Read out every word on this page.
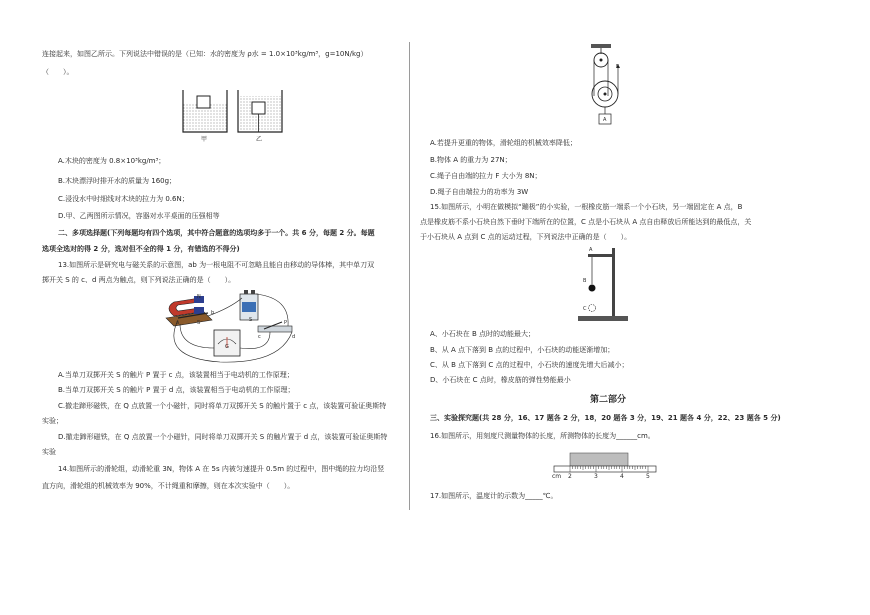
连接起来，如图乙所示。下列说法中错误的是（已知：水的密度为 ρ水 = 1.0×10³kg/m³，g=10N/kg）
（　　）。
甲	乙
A.木块的密度为 0.8×10³kg/m³；
B.木块漂浮时排开水的质量为 160g；
C.浸没水中时细线对木块的拉力为 0.6N；
D.甲、乙两图所示情况，容器对水平桌面的压强相等
二、多项选择题(下列每题均有四个选项，其中符合题意的选项均多于一个。共 6 分，每题 2 分。每题
选项全选对的得 2 分，选对但不全的得 1 分，有错选的不得分)
13.如图所示是研究电与磁关系的示意图，ab 为一根电阻不可忽略且能自由移动的导体棒，其中单刀双
掷开关 S 的 c、d 两点为触点，则下列说法正确的是（　　）。
N
S	S	P
a
b
c	d
G
A.当单刀双掷开关 S 的触片 P 置于 c 点，该装置相当于电动机的工作原理；
B.当单刀双掷开关 S 的触片 P 置于 d 点，该装置相当于电动机的工作原理；
C.撤走蹄形磁铁，在 Q 点放置一个小磁针，同时将单刀双掷开关 S 的触片置于 c 点，该装置可验证奥斯特
实验；
D.撤走蹄形磁铁，在 Q 点放置一个小磁针，同时将单刀双掷开关 S 的触片置于 d 点，该装置可验证奥斯特
实验
14.如图所示的滑轮组，动滑轮重 3N，物体 A 在 5s 内被匀速提升 0.5m 的过程中，图中绳的拉力均沿竖
直方向，滑轮组的机械效率为 90%，不计绳重和摩擦，则在本次实验中（　　）。
F
A
A.若提升更重的物体，滑轮组的机械效率降低；
B.物体 A 的重力为 27N；
C.绳子自由端的拉力 F 大小为 8N；
D.绳子自由端拉力的功率为 3W
15.如图所示，小明在做模拟“蹦极”的小实验，一根橡皮筋一端系一个小石块，另一端固定在 A 点，B
点是橡皮筋不系小石块自然下垂时下端所在的位置，C 点是小石块从 A 点自由释放后所能达到的最低点，关
于小石块从 A 点到 C 点的运动过程，下列说法中正确的是（　　）。
A
B
C
A、小石块在 B 点时的动能最大；
B、从 A 点下落到 B 点的过程中，小石块的动能逐渐增加；
C、从 B 点下落到 C 点的过程中，小石块的速度先增大后减小；
D、小石块在 C 点时，橡皮筋的弹性势能最小
第二部分
三、实验探究题(共 28 分，16、17 题各 2 分，18，20 题各 3 分，19、21 题各 4 分，22、23 题各 5 分)
16.如图所示，用刻度尺测量物体的长度，所测物体的长度为______cm。
cm 2	3	4	5
17.如图所示，温度计的示数为_____℃。
